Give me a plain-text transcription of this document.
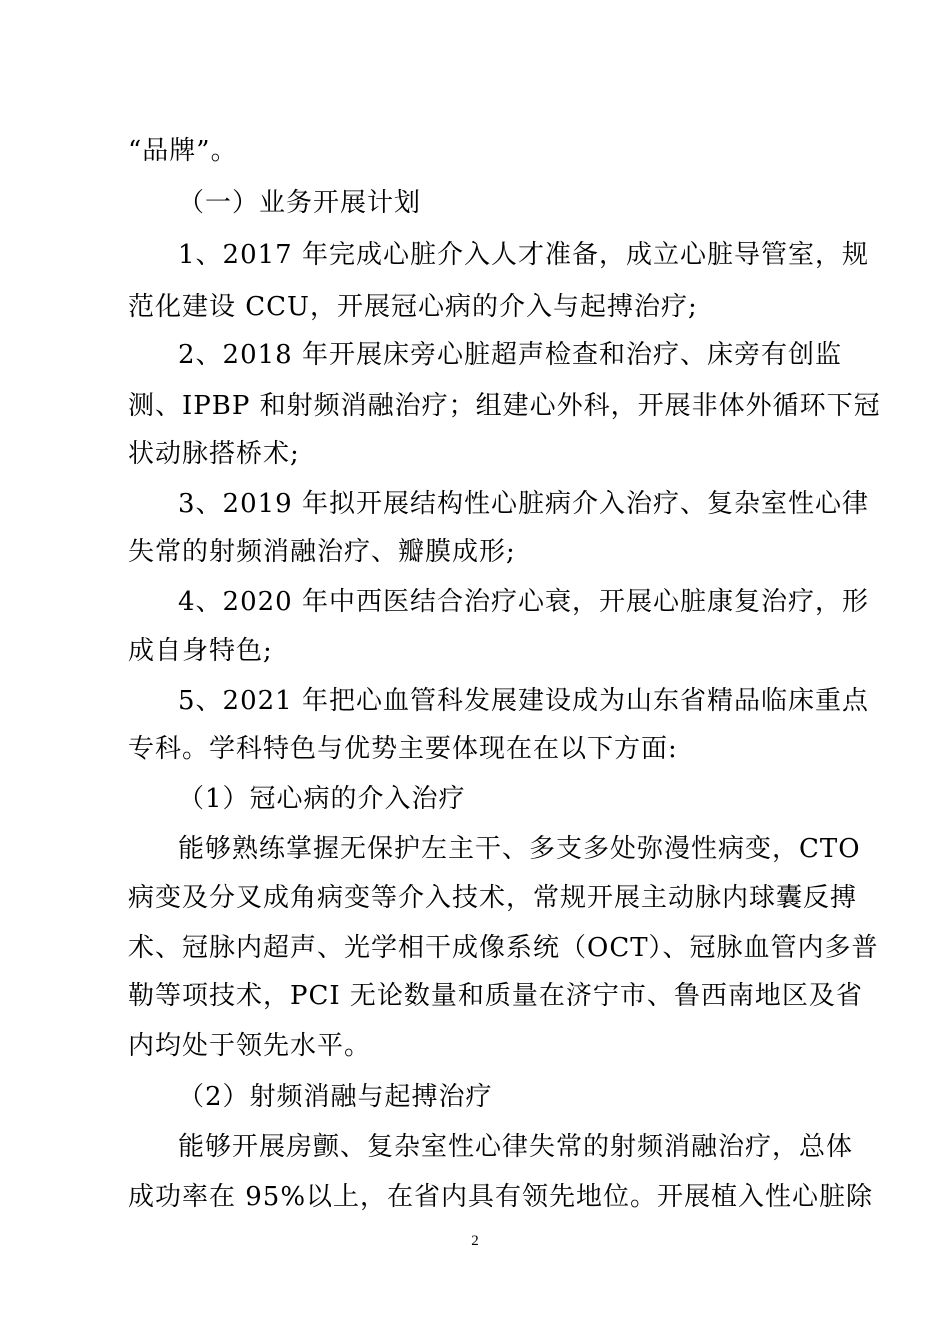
“品牌”。
（一）业务开展计划
1、2017 年完成心脏介入人才准备，成立心脏导管室，规
范化建设 CCU，开展冠心病的介入与起搏治疗;
2、2018 年开展床旁心脏超声检查和治疗、床旁有创监
测、IPBP 和射频消融治疗；组建心外科，开展非体外循环下冠
状动脉搭桥术;
3、2019 年拟开展结构性心脏病介入治疗、复杂室性心律
失常的射频消融治疗、瓣膜成形;
4、2020 年中西医结合治疗心衰，开展心脏康复治疗，形
成自身特色;
5、2021 年把心血管科发展建设成为山东省精品临床重点
专科。学科特色与优势主要体现在在以下方面:
（1）冠心病的介入治疗
能够熟练掌握无保护左主干、多支多处弥漫性病变，CTO
病变及分叉成角病变等介入技术，常规开展主动脉内球囊反搏
术、冠脉内超声、光学相干成像系统（OCT）、冠脉血管内多普
勒等项技术，PCI 无论数量和质量在济宁市、鲁西南地区及省
内均处于领先水平。
（2）射频消融与起搏治疗
能够开展房颤、复杂室性心律失常的射频消融治疗，总体
成功率在 95%以上，在省内具有领先地位。开展植入性心脏除
2
